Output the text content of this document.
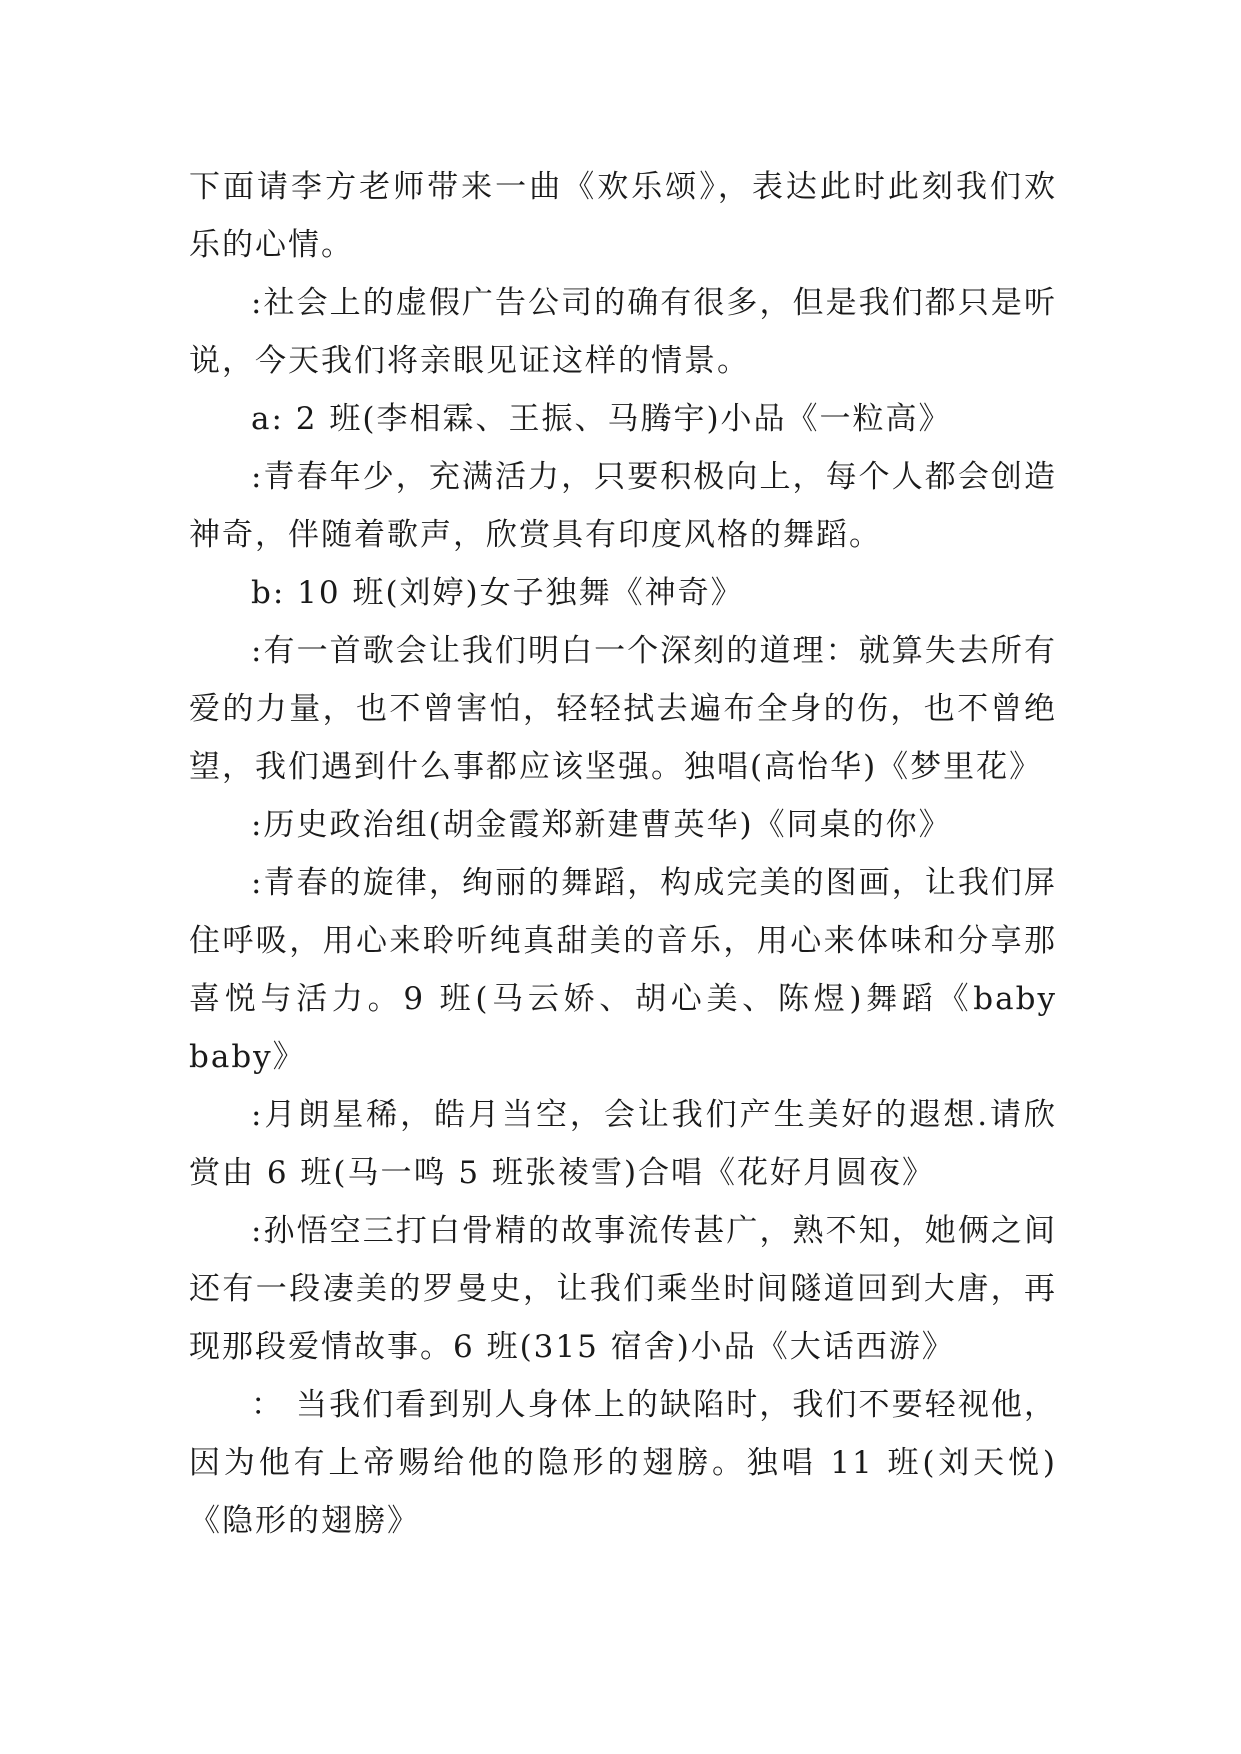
下面请李方老师带来一曲《欢乐颂》，表达此时此刻我们欢乐的心情。

:社会上的虚假广告公司的确有很多，但是我们都只是听说，今天我们将亲眼见证这样的情景。

a: 2 班(李相霖、王振、马腾宇)小品《一粒高》

:青春年少，充满活力，只要积极向上，每个人都会创造神奇，伴随着歌声，欣赏具有印度风格的舞蹈。

b: 10 班(刘婷)女子独舞《神奇》

:有一首歌会让我们明白一个深刻的道理：就算失去所有爱的力量，也不曾害怕，轻轻拭去遍布全身的伤，也不曾绝望，我们遇到什么事都应该坚强。独唱(高怡华)《梦里花》

:历史政治组(胡金霞郑新建曹英华)《同桌的你》

:青春的旋律，绚丽的舞蹈，构成完美的图画，让我们屏住呼吸，用心来聆听纯真甜美的音乐，用心来体味和分享那喜悦与活力。9 班(马云娇、胡心美、陈煜)舞蹈《baby baby》

:月朗星稀，皓月当空，会让我们产生美好的遐想.请欣赏由 6 班(马一鸣 5 班张祾雪)合唱《花好月圆夜》

:孙悟空三打白骨精的故事流传甚广，熟不知，她俩之间还有一段凄美的罗曼史，让我们乘坐时间隧道回到大唐，再现那段爱情故事。6 班(315 宿舍)小品《大话西游》

： 当我们看到别人身体上的缺陷时，我们不要轻视他，因为他有上帝赐给他的隐形的翅膀。独唱 11 班(刘天悦)《隐形的翅膀》
